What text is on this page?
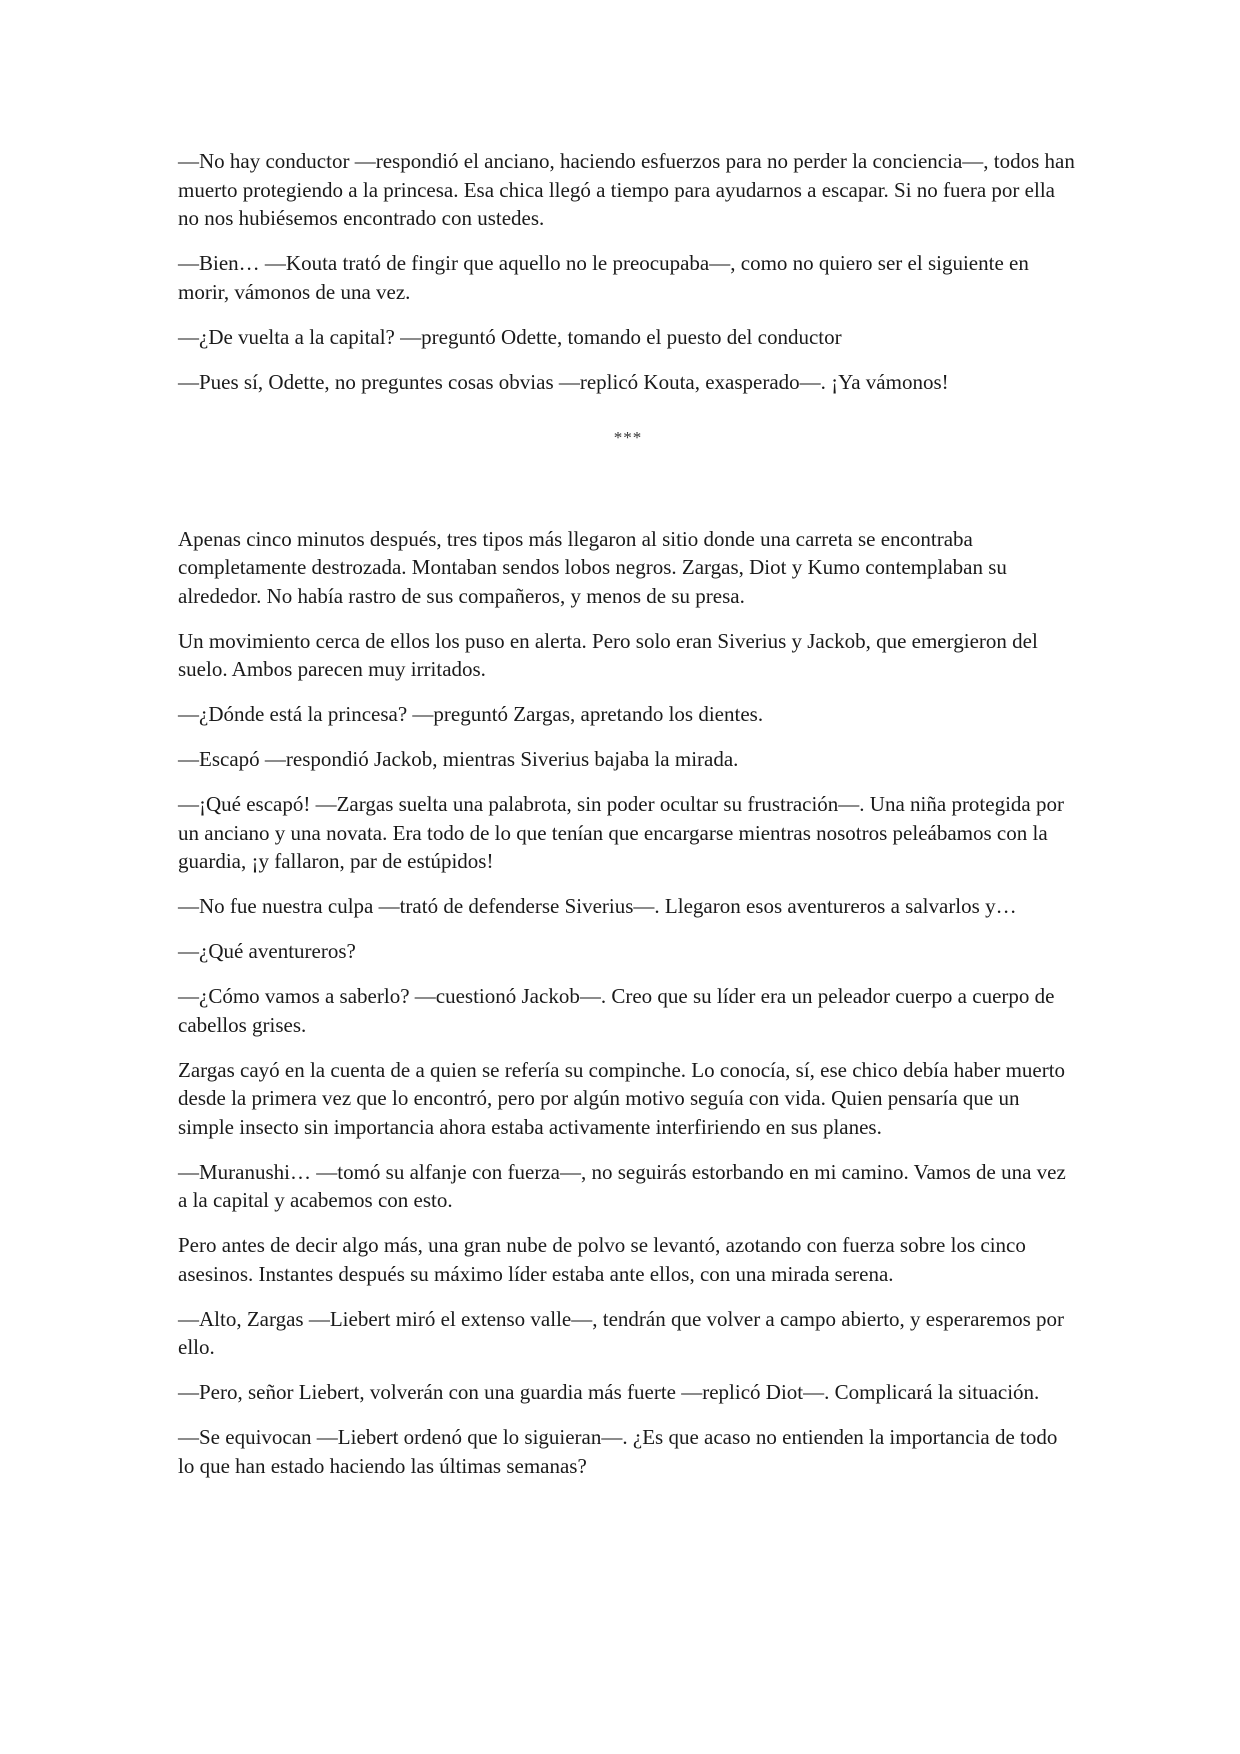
—No hay conductor —respondió el anciano, haciendo esfuerzos para no perder la conciencia—, todos han muerto protegiendo a la princesa. Esa chica llegó a tiempo para ayudarnos a escapar. Si no fuera por ella no nos hubiésemos encontrado con ustedes.

—Bien… —Kouta trató de fingir que aquello no le preocupaba—, como no quiero ser el siguiente en morir, vámonos de una vez.

—¿De vuelta a la capital? —preguntó Odette, tomando el puesto del conductor

—Pues sí, Odette, no preguntes cosas obvias —replicó Kouta, exasperado—. ¡Ya vámonos!

***

Apenas cinco minutos después, tres tipos más llegaron al sitio donde una carreta se encontraba completamente destrozada. Montaban sendos lobos negros. Zargas, Diot y Kumo contemplaban su alrededor. No había rastro de sus compañeros, y menos de su presa.

Un movimiento cerca de ellos los puso en alerta. Pero solo eran Siverius y Jackob, que emergieron del suelo. Ambos parecen muy irritados.

—¿Dónde está la princesa? —preguntó Zargas, apretando los dientes.

—Escapó —respondió Jackob, mientras Siverius bajaba la mirada.

—¡Qué escapó! —Zargas suelta una palabrota, sin poder ocultar su frustración—. Una niña protegida por un anciano y una novata. Era todo de lo que tenían que encargarse mientras nosotros peleábamos con la guardia, ¡y fallaron, par de estúpidos!

—No fue nuestra culpa —trató de defenderse Siverius—. Llegaron esos aventureros a salvarlos y…

—¿Qué aventureros?

—¿Cómo vamos a saberlo? —cuestionó Jackob—. Creo que su líder era un peleador cuerpo a cuerpo de cabellos grises.

Zargas cayó en la cuenta de a quien se refería su compinche. Lo conocía, sí, ese chico debía haber muerto desde la primera vez que lo encontró, pero por algún motivo seguía con vida. Quien pensaría que un simple insecto sin importancia ahora estaba activamente interfiriendo en sus planes.

—Muranushi… —tomó su alfanje con fuerza—, no seguirás estorbando en mi camino. Vamos de una vez a la capital y acabemos con esto.

Pero antes de decir algo más, una gran nube de polvo se levantó, azotando con fuerza sobre los cinco asesinos. Instantes después su máximo líder estaba ante ellos, con una mirada serena.

—Alto, Zargas —Liebert miró el extenso valle—, tendrán que volver a campo abierto, y esperaremos por ello.

—Pero, señor Liebert, volverán con una guardia más fuerte —replicó Diot—. Complicará la situación.

—Se equivocan —Liebert ordenó que lo siguieran—. ¿Es que acaso no entienden la importancia de todo lo que han estado haciendo las últimas semanas?
